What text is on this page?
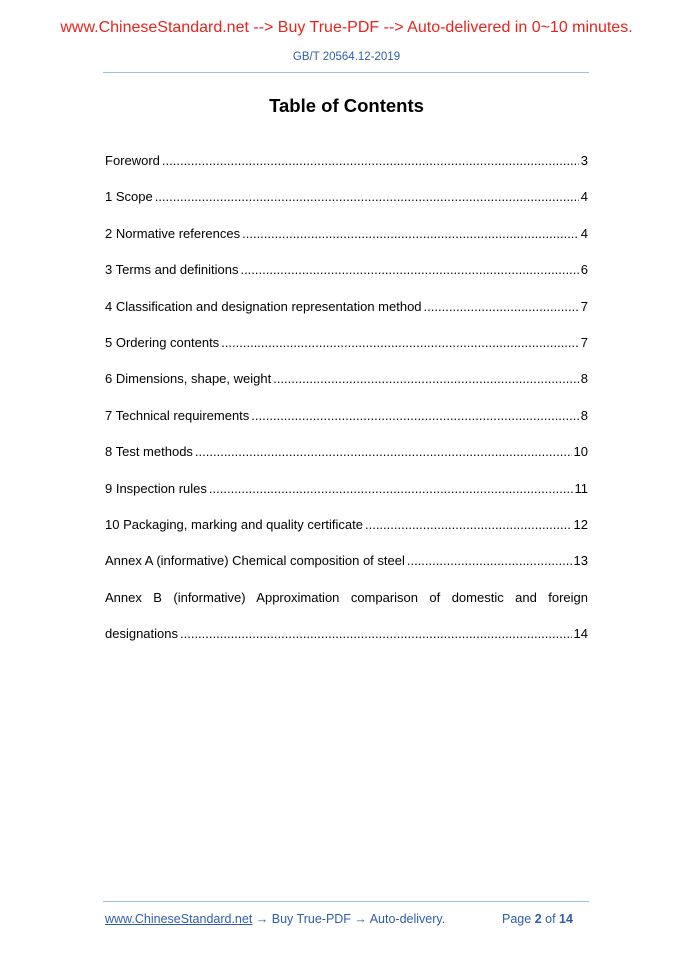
www.ChineseStandard.net --> Buy True-PDF --> Auto-delivered in 0~10 minutes.
GB/T 20564.12-2019
Table of Contents
Foreword .....	3
1 Scope .....	4
2 Normative references .....	4
3 Terms and definitions .....	6
4 Classification and designation representation method .....	7
5 Ordering contents .....	7
6 Dimensions, shape, weight .....	8
7 Technical requirements .....	8
8 Test methods .....	10
9 Inspection rules .....	11
10 Packaging, marking and quality certificate .....	12
Annex A (informative) Chemical composition of steel .....	13
Annex B (informative) Approximation comparison of domestic and foreign
designations .....	14
www.ChineseStandard.net → Buy True-PDF → Auto-delivery.	Page 2 of 14
